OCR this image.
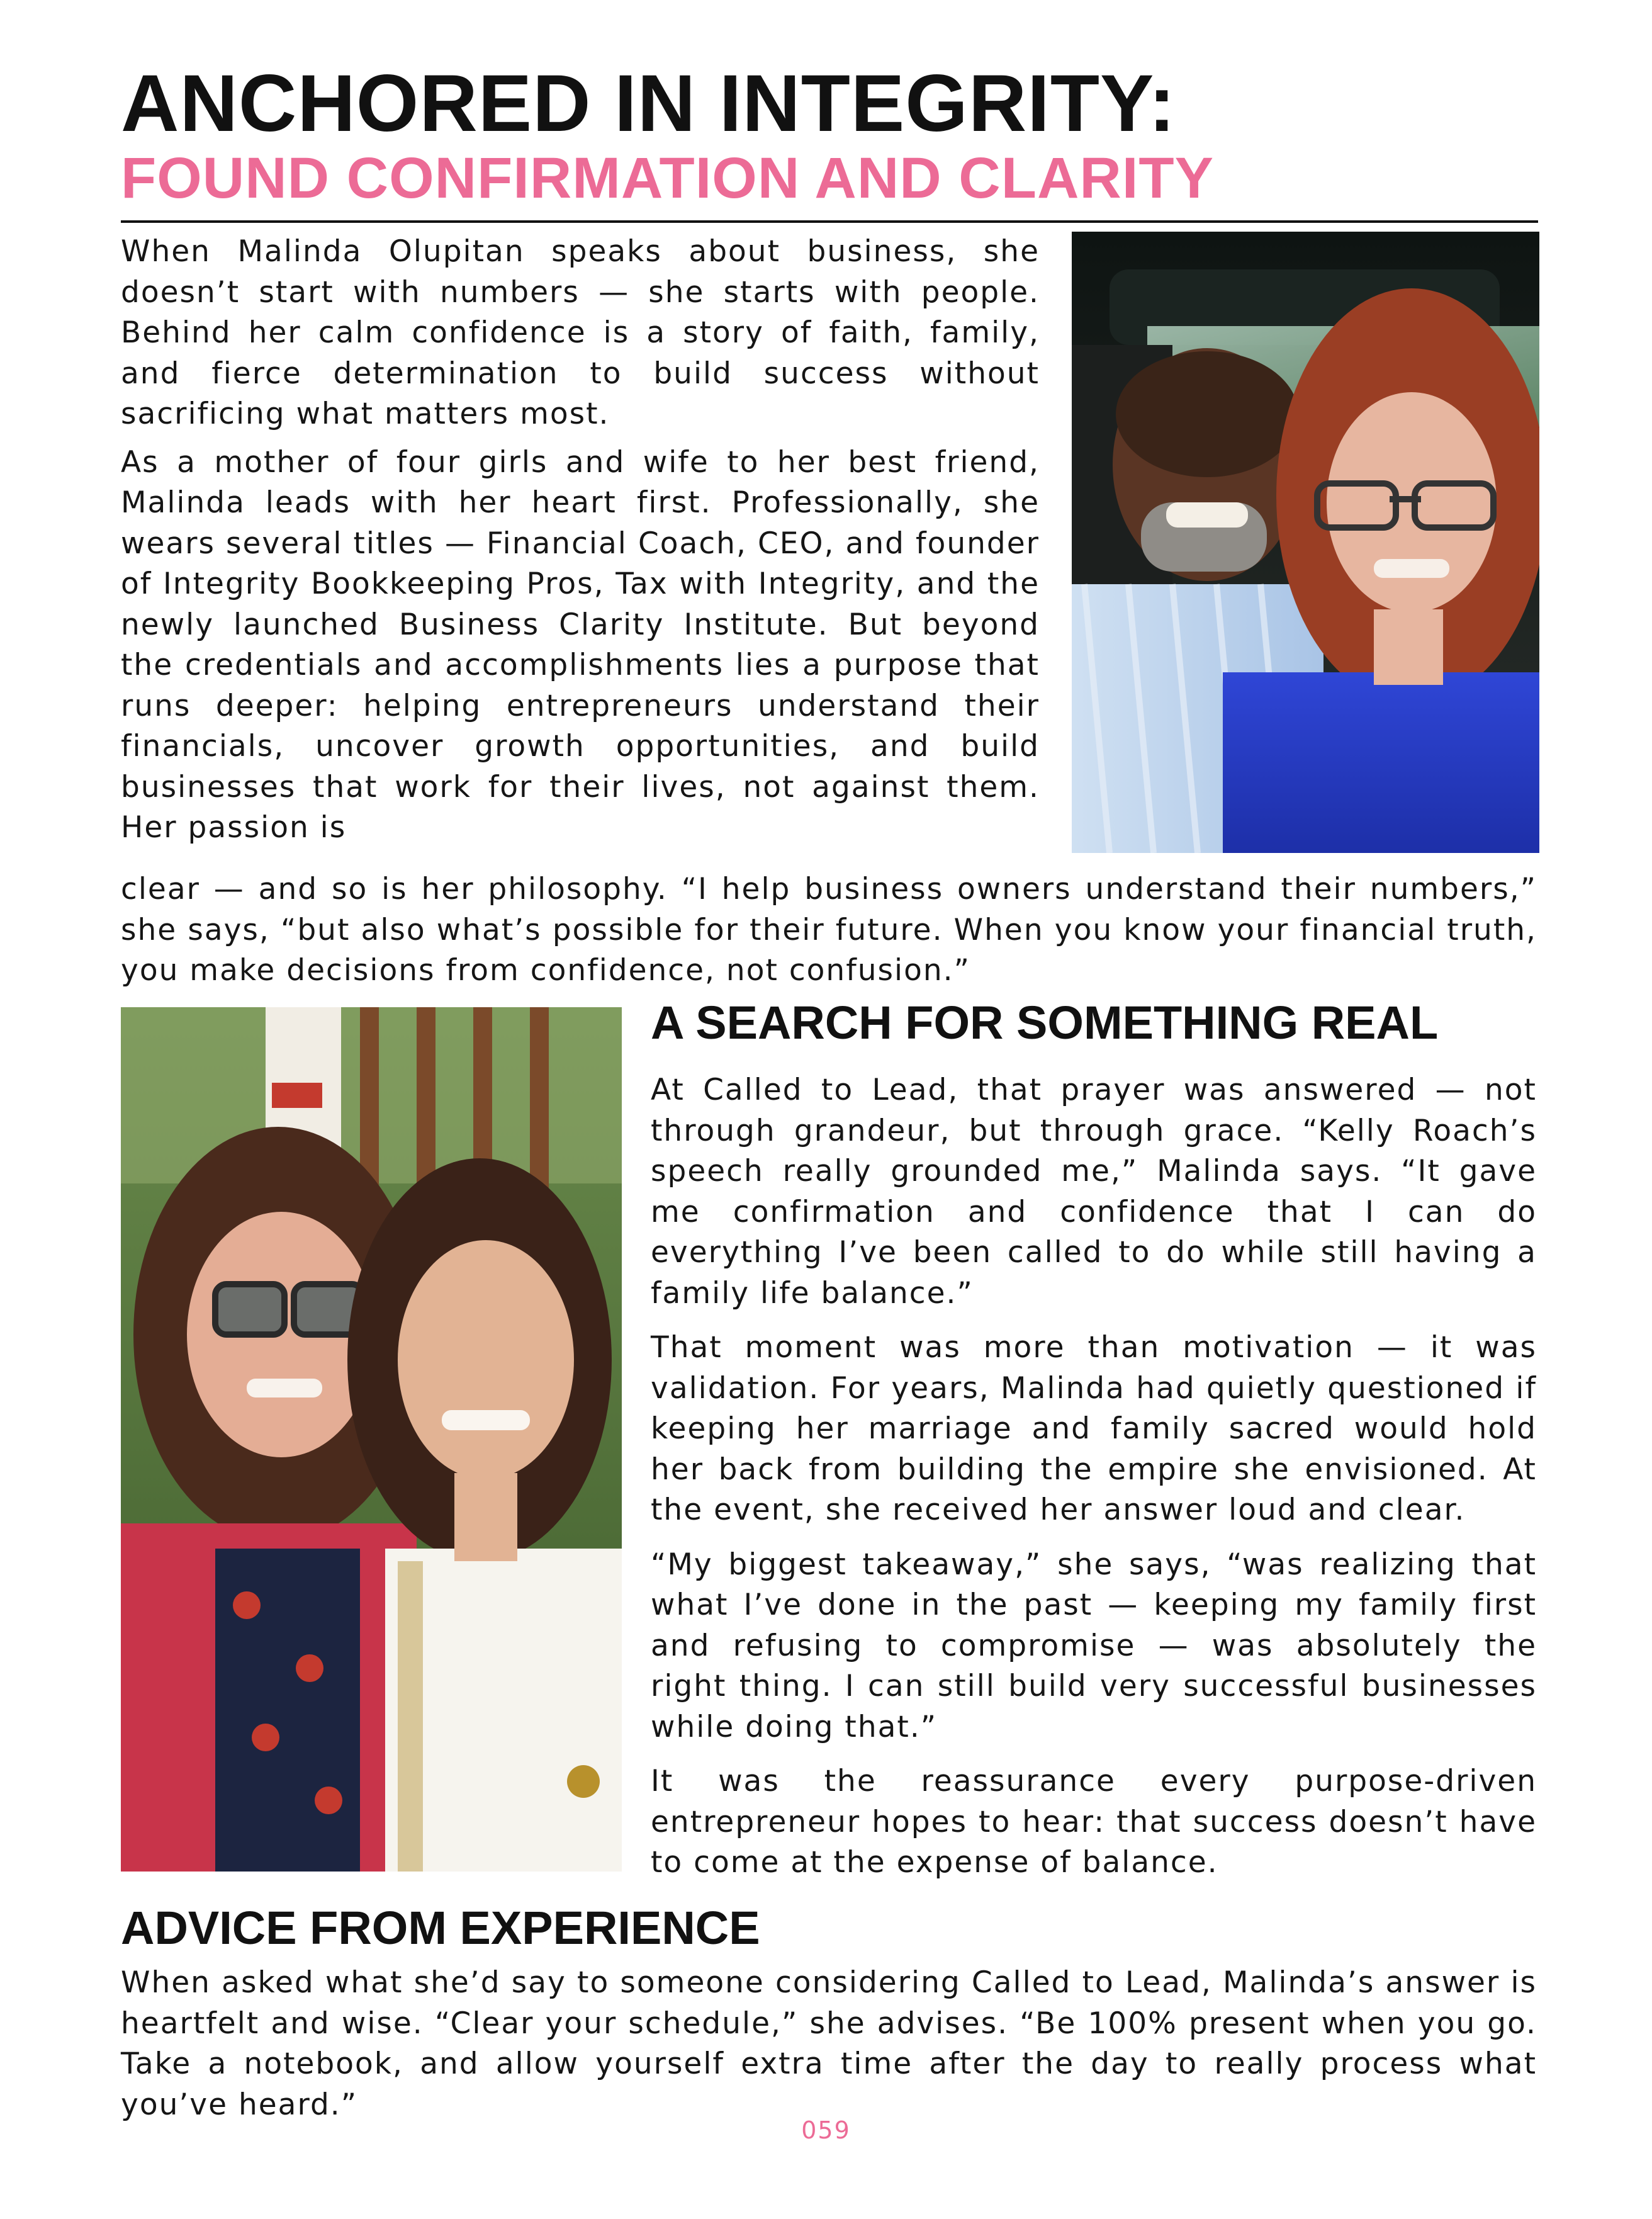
ANCHORED IN INTEGRITY:
FOUND CONFIRMATION AND CLARITY

When Malinda Olupitan speaks about business, she doesn’t start with numbers — she starts with people. Behind her calm confidence is a story of faith, family, and fierce determination to build success without sacrificing what matters most.

As a mother of four girls and wife to her best friend, Malinda leads with her heart first. Professionally, she wears several titles — Financial Coach, CEO, and founder of Integrity Bookkeeping Pros, Tax with Integrity, and the newly launched Business Clarity Institute. But beyond the credentials and accomplishments lies a purpose that runs deeper: helping entrepreneurs understand their financials, uncover growth opportunities, and build businesses that work for their lives, not against them. Her passion is

clear — and so is her philosophy. “I help business owners understand their numbers,” she says, “but also what’s possible for their future. When you know your financial truth, you make decisions from confidence, not confusion.”
A SEARCH FOR SOMETHING REAL

At Called to Lead, that prayer was answered — not through grandeur, but through grace. “Kelly Roach’s speech really grounded me,” Malinda says. “It gave me confirmation and confidence that I can do everything I’ve been called to do while still having a family life balance.”

That moment was more than motivation — it was validation. For years, Malinda had quietly questioned if keeping her marriage and family sacred would hold her back from building the empire she envisioned. At the event, she received her answer loud and clear.

“My biggest takeaway,” she says, “was realizing that what I’ve done in the past — keeping my family first and refusing to compromise — was absolutely the right thing. I can still build very successful businesses while doing that.”

It was the reassurance every purpose-driven entrepreneur hopes to hear: that success doesn’t have to come at the expense of balance.

ADVICE FROM EXPERIENCE
When asked what she’d say to someone considering Called to Lead, Malinda’s answer is heartfelt and wise. “Clear your schedule,” she advises. “Be 100% present when you go. Take a notebook, and allow yourself extra time after the day to really process what you’ve heard.”
059
